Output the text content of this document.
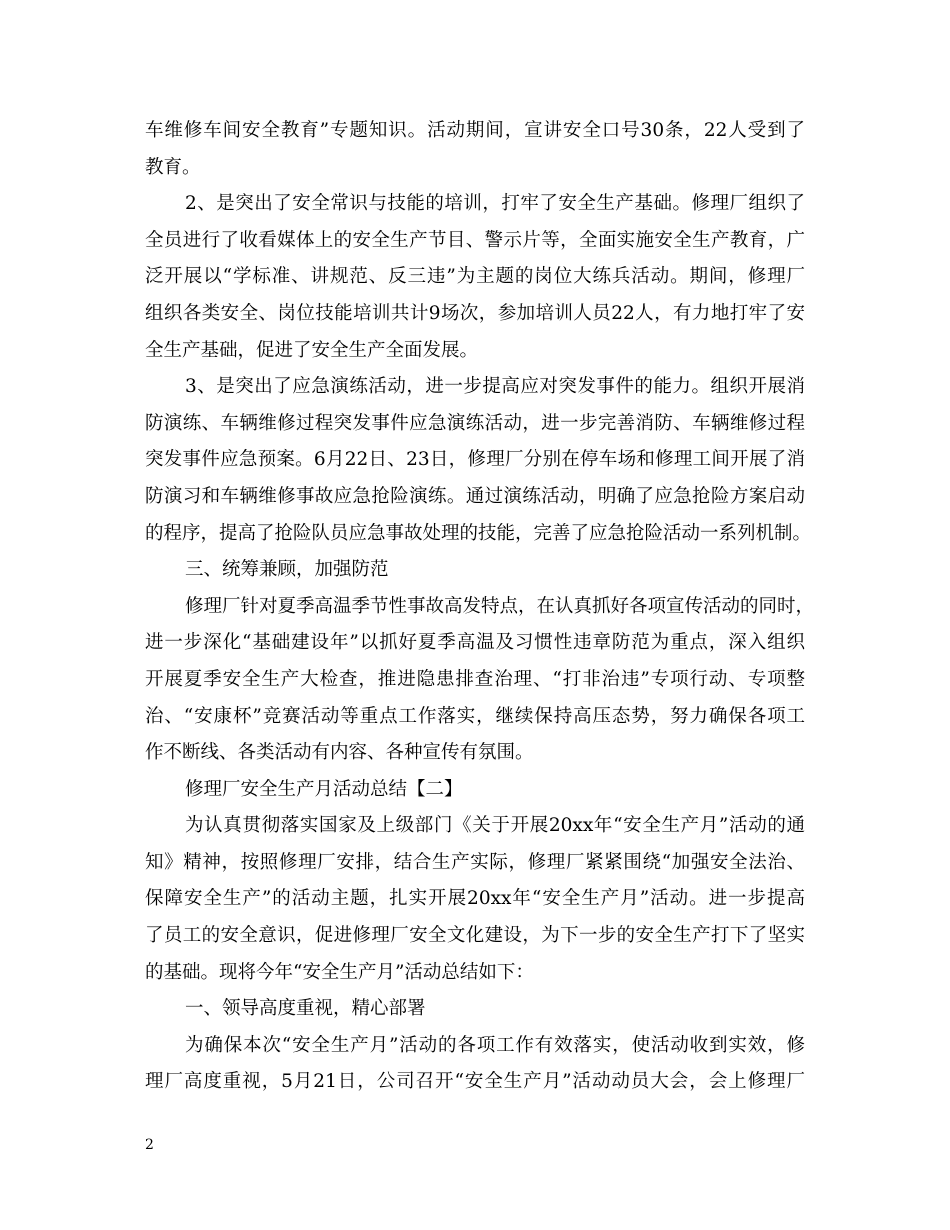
车维修车间安全教育”专题知识。活动期间，宣讲安全口号30条，22人受到了
教育。
2、是突出了安全常识与技能的培训，打牢了安全生产基础。修理厂组织了
全员进行了收看媒体上的安全生产节目、警示片等，全面实施安全生产教育，广
泛开展以“学标准、讲规范、反三违”为主题的岗位大练兵活动。期间，修理厂
组织各类安全、岗位技能培训共计9场次，参加培训人员22人，有力地打牢了安
全生产基础，促进了安全生产全面发展。
3、是突出了应急演练活动，进一步提高应对突发事件的能力。组织开展消
防演练、车辆维修过程突发事件应急演练活动，进一步完善消防、车辆维修过程
突发事件应急预案。6月22日、23日，修理厂分别在停车场和修理工间开展了消
防演习和车辆维修事故应急抢险演练。通过演练活动，明确了应急抢险方案启动
的程序，提高了抢险队员应急事故处理的技能，完善了应急抢险活动一系列机制。
三、统筹兼顾，加强防范
修理厂针对夏季高温季节性事故高发特点，在认真抓好各项宣传活动的同时，
进一步深化“基础建设年”以抓好夏季高温及习惯性违章防范为重点，深入组织
开展夏季安全生产大检查，推进隐患排查治理、“打非治违”专项行动、专项整
治、“安康杯”竞赛活动等重点工作落实，继续保持高压态势，努力确保各项工
作不断线、各类活动有内容、各种宣传有氛围。
修理厂安全生产月活动总结【二】
为认真贯彻落实国家及上级部门《关于开展20xx年“安全生产月”活动的通
知》精神，按照修理厂安排，结合生产实际，修理厂紧紧围绕“加强安全法治、
保障安全生产”的活动主题，扎实开展20xx年“安全生产月”活动。进一步提高
了员工的安全意识，促进修理厂安全文化建设，为下一步的安全生产打下了坚实
的基础。现将今年“安全生产月”活动总结如下：
一、领导高度重视，精心部署
为确保本次“安全生产月”活动的各项工作有效落实，使活动收到实效，修
理厂高度重视，5月21日，公司召开“安全生产月”活动动员大会，会上修理厂
2
